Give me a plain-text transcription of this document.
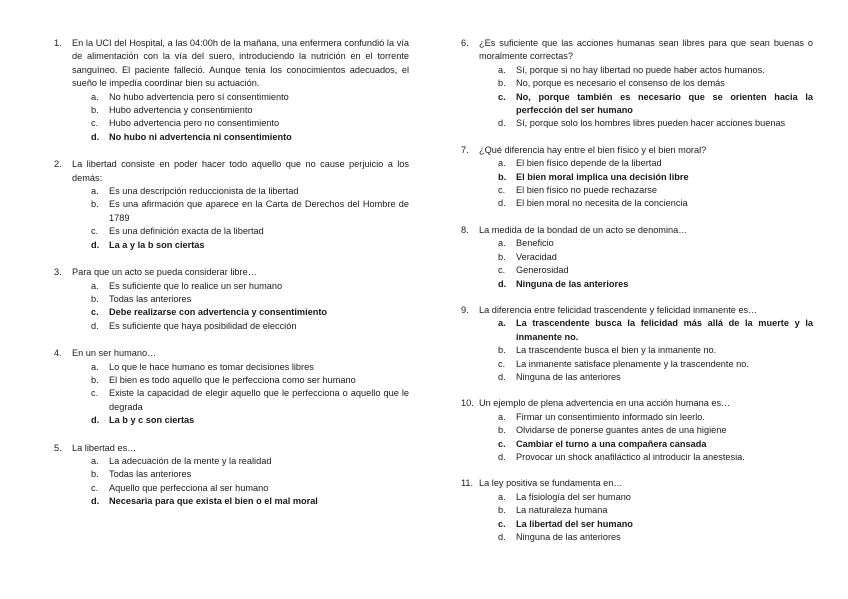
1.	En la UCI del Hospital, a las 04:00h de la mañana, una enfermera confundió la vía de alimentación con la vía del suero, introduciendo la nutrición en el torrente sanguíneo. El paciente falleció. Aunque tenía los conocimientos adecuados, el sueño le impedía coordinar bien su actuación.
a.	No hubo advertencia pero sí consentimiento
b.	Hubo advertencia y consentimiento
c.	Hubo advertencia pero no consentimiento
d.	No hubo ni advertencia ni consentimiento
2.	La libertad consiste en poder hacer todo aquello que no cause perjuicio a los demás:
a.	Es una descripción reduccionista de la libertad
b.	Es una afirmación que aparece en la Carta de Derechos del Hombre de 1789
c.	Es una definición exacta de la libertad
d.	La a y la b son ciertas
3.	Para que un acto se pueda considerar libre…
a.	Es suficiente que lo realice un ser humano
b.	Todas las anteriores
c.	Debe realizarse con advertencia y consentimiento
d.	Es suficiente que haya posibilidad de elección
4.	En un ser humano…
a.	Lo que le hace humano es tomar decisiones libres
b.	El bien es todo aquello que le perfecciona como ser humano
c.	Existe la capacidad de elegir aquello que le perfecciona o aquello que le degrada
d.	La b y c son ciertas
5.	La libertad es…
a.	La adecuación de la mente y la realidad
b.	Todas las anteriores
c.	Aquello que perfecciona al ser humano
d.	Necesaria para que exista el bien o el mal moral
6.	¿Es suficiente que las acciones humanas sean libres para que sean buenas o moralmente correctas?
a.	Sí, porque si no hay libertad no puede haber actos humanos.
b.	No, porque es necesario el consenso de los demás
c.	No, porque también es necesario que se orienten hacia la perfección del ser humano
d.	Sí, porque solo los hombres libres pueden hacer acciones buenas
7.	¿Qué diferencia hay entre el bien físico y el bien moral?
a.	El bien físico depende de la libertad
b.	El bien moral implica una decisión libre
c.	El bien físico no puede rechazarse
d.	El bien moral no necesita de la conciencia
8.	La medida de la bondad de un acto se denomina…
a.	Beneficio
b.	Veracidad
c.	Generosidad
d.	Ninguna de las anteriores
9.	La diferencia entre felicidad trascendente y felicidad inmanente es…
a.	La trascendente busca la felicidad más allá de la muerte y la inmanente no.
b.	La trascendente busca el bien y la inmanente no.
c.	La inmanente satisface plenamente y la trascendente no.
d.	Ninguna de las anteriores
10. Un ejemplo de plena advertencia en una acción humana es…
a.	Firmar un consentimiento informado sin leerlo.
b.	Olvidarse de ponerse guantes antes de una higiene
c.	Cambiar el turno a una compañera cansada
d.	Provocar un shock anafiláctico al introducir la anestesia.
11. La ley positiva se fundamenta en…
a.	La fisiología del ser humano
b.	La naturaleza humana
c.	La libertad del ser humano
d.	Ninguna de las anteriores
